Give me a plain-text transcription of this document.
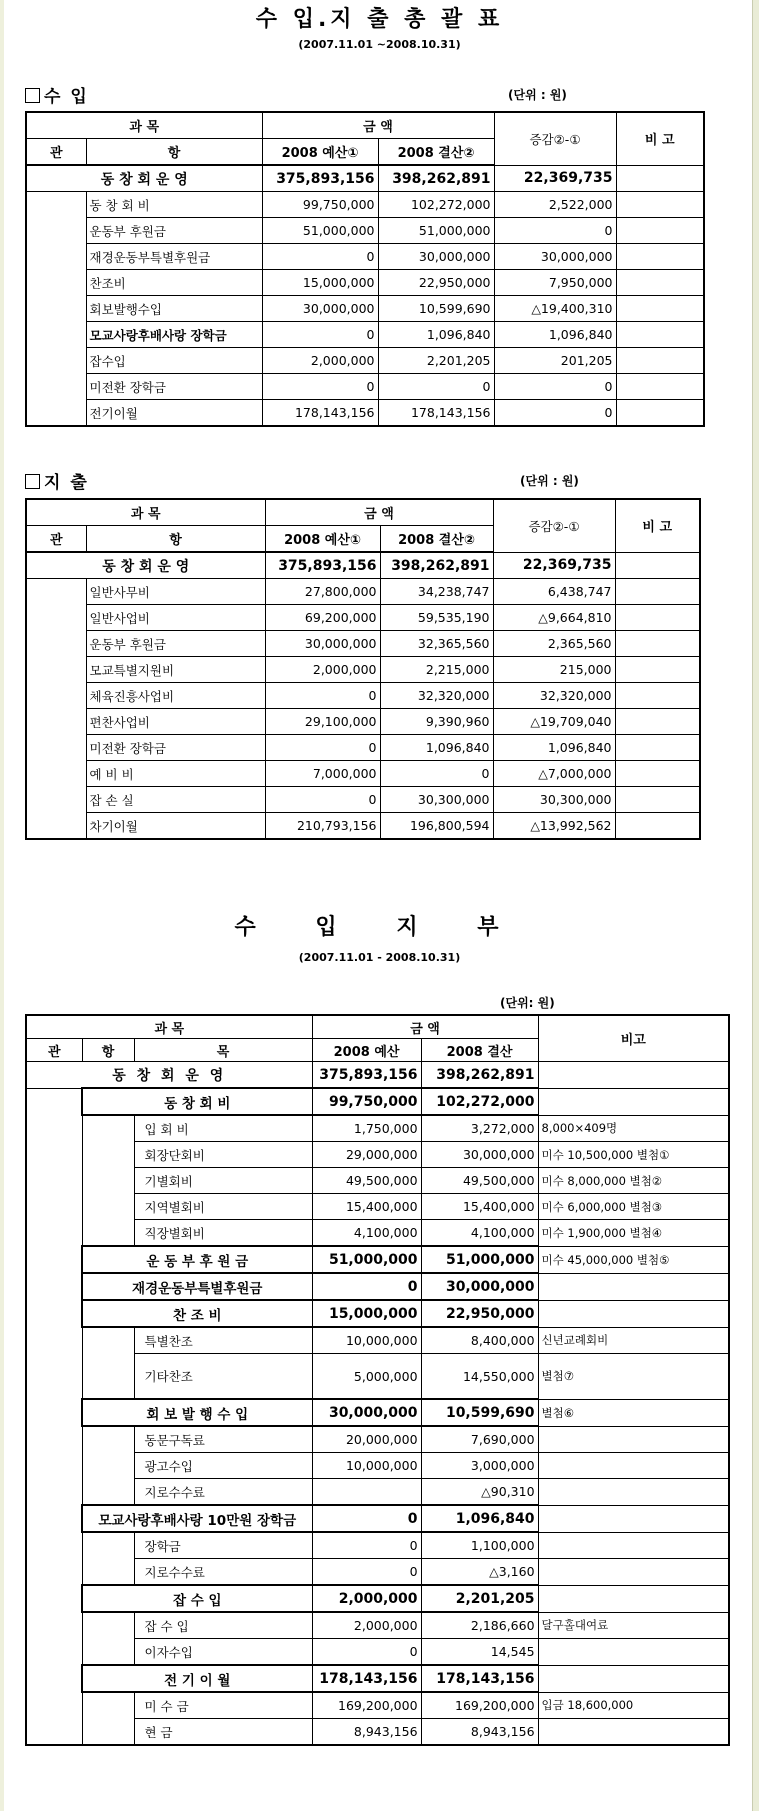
수 입.지 출 총 괄 표
(2007.11.01 ~2008.10.31)
수 입	(단위 : 원)
과 목		금 액		증감②-①	비 고
관	항	2008 예산①	2008 결산②		
동 창 회 운 영		375,893,156	398,262,891	22,369,735	
	동 창 회 비	99,750,000	102,272,000	2,522,000	
	운동부 후원금	51,000,000	51,000,000	0	
	재경운동부특별후원금	0	30,000,000	30,000,000	
	찬조비	15,000,000	22,950,000	7,950,000	
	회보발행수입	30,000,000	10,599,690	△19,400,310	
	모교사랑후배사랑 장학금	0	1,096,840	1,096,840	
	잡수입	2,000,000	2,201,205	201,205	
	미전환 장학금	0	0	0	
	전기이월	178,143,156	178,143,156	0	
지 출	(단위 : 원)
과 목		금 액		증감②-①	비 고
관	항	2008 예산①	2008 결산②		
동 창 회 운 영		375,893,156	398,262,891	22,369,735	
	일반사무비	27,800,000	34,238,747	6,438,747	
	일반사업비	69,200,000	59,535,190	△9,664,810	
	운동부 후원금	30,000,000	32,365,560	2,365,560	
	모교특별지원비	2,000,000	2,215,000	215,000	
	체육진흥사업비	0	32,320,000	32,320,000	
	편찬사업비	29,100,000	9,390,960	△19,709,040	
	미전환 장학금	0	1,096,840	1,096,840	
	예 비 비	7,000,000	0	△7,000,000	
	잡 손 실	0	30,300,000	30,300,000	
	차기이월	210,793,156	196,800,594	△13,992,562	
수 입 지 부
(2007.11.01 - 2008.10.31)
(단위: 원)
과 목			금 액		비고
관	항	목	2008 예산	2008 결산	
동 창 회 운 영			375,893,156	398,262,891	
	동 창 회 비		99,750,000	102,272,000	
		입 회 비	1,750,000	3,272,000	8,000×409명
		회장단회비	29,000,000	30,000,000	미수 10,500,000 별첨①
		기별회비	49,500,000	49,500,000	미수 8,000,000 별첨②
		지역별회비	15,400,000	15,400,000	미수 6,000,000 별첨③
		직장별회비	4,100,000	4,100,000	미수 1,900,000 별첨④
	운 동 부 후 원 금		51,000,000	51,000,000	미수 45,000,000 별첨⑤
	재경운동부특별후원금		0	30,000,000	
	찬 조 비		15,000,000	22,950,000	
		특별찬조	10,000,000	8,400,000	신년교례회비
		기타찬조	5,000,000	14,550,000	별첨⑦
	회 보 발 행 수 입		30,000,000	10,599,690	별첨⑥
		동문구독료	20,000,000	7,690,000	
		광고수입	10,000,000	3,000,000	
		지로수수료		△90,310	
	모교사랑후배사랑 10만원 장학금		0	1,096,840	
		장학금	0	1,100,000	
		지로수수료	0	△3,160	
	잡 수 입		2,000,000	2,201,205	
		잡 수 입	2,000,000	2,186,660	달구홀대여료
		이자수입	0	14,545	
	전 기 이 월		178,143,156	178,143,156	
		미 수 금	169,200,000	169,200,000	입금 18,600,000
		현 금	8,943,156	8,943,156	
